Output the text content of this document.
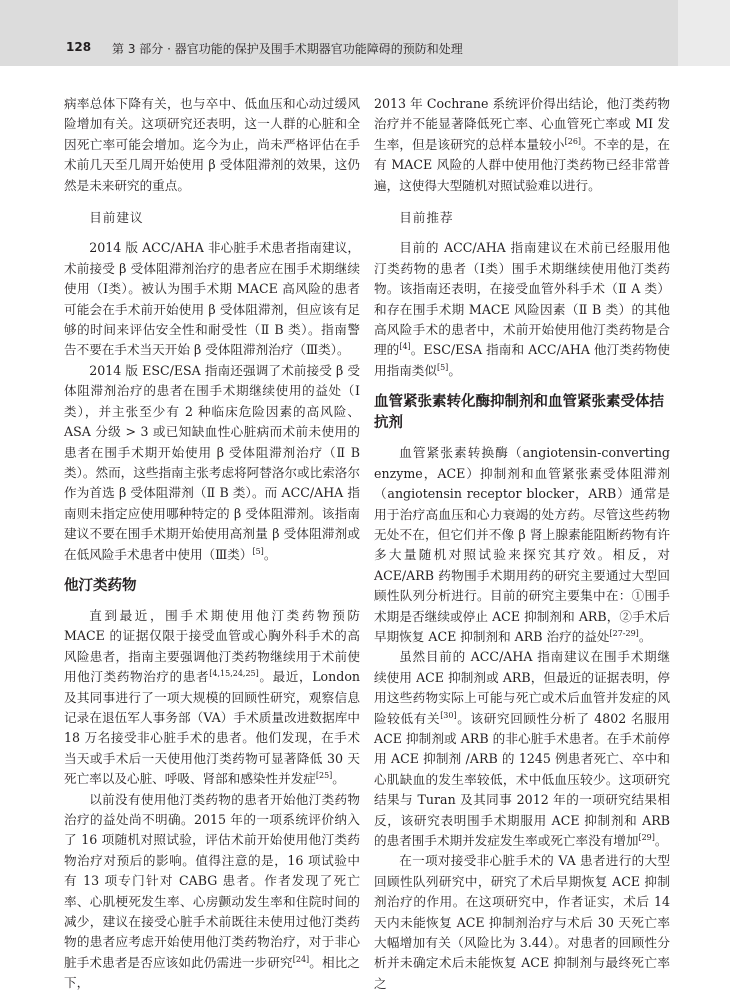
128 第 3 部分 · 器官功能的保护及围手术期器官功能障碍的预防和处理

病率总体下降有关，也与卒中、低血压和心动过缓风险增加有关。这项研究还表明，这一人群的心脏和全因死亡率可能会增加。迄今为止，尚未严格评估在手术前几天至几周开始使用 β 受体阻滞剂的效果，这仍然是未来研究的重点。

目前建议

2014 版 ACC/AHA 非心脏手术患者指南建议，术前接受 β 受体阻滞剂治疗的患者应在围手术期继续使用（Ⅰ类）。被认为围手术期 MACE 高风险的患者可能会在手术前开始使用 β 受体阻滞剂，但应该有足够的时间来评估安全性和耐受性（Ⅱ B 类）。指南警告不要在手术当天开始 β 受体阻滞剂治疗（Ⅲ类）。

2014 版 ESC/ESA 指南还强调了术前接受 β 受体阻滞剂治疗的患者在围手术期继续使用的益处（Ⅰ类），并主张至少有 2 种临床危险因素的高风险、ASA 分级 > 3 或已知缺血性心脏病而术前未使用的患者在围手术期开始使用 β 受体阻滞剂治疗（Ⅱ B 类）。然而，这些指南主张考虑将阿替洛尔或比索洛尔作为首选 β 受体阻滞剂（Ⅱ B 类）。而 ACC/AHA 指南则未指定应使用哪种特定的 β 受体阻滞剂。该指南建议不要在围手术期开始使用高剂量 β 受体阻滞剂或在低风险手术患者中使用（Ⅲ类）[5]。

他汀类药物

直到最近，围手术期使用他汀类药物预防 MACE 的证据仅限于接受血管或心胸外科手术的高风险患者，指南主要强调他汀类药物继续用于术前使用他汀类药物治疗的患者[4,15,24,25]。最近，London 及其同事进行了一项大规模的回顾性研究，观察信息记录在退伍军人事务部（VA）手术质量改进数据库中 18 万名接受非心脏手术的患者。他们发现，在手术当天或手术后一天使用他汀类药物可显著降低 30 天死亡率以及心脏、呼吸、肾部和感染性并发症[25]。

以前没有使用他汀类药物的患者开始他汀类药物治疗的益处尚不明确。2015 年的一项系统评价纳入了 16 项随机对照试验，评估术前开始使用他汀类药物治疗对预后的影响。值得注意的是，16 项试验中有 13 项专门针对 CABG 患者。作者发现了死亡率、心肌梗死发生率、心房颤动发生率和住院时间的减少，建议在接受心脏手术前既往未使用过他汀类药物的患者应考虑开始使用他汀类药物治疗，对于非心脏手术患者是否应该如此仍需进一步研究[24]。相比之下，

2013 年 Cochrane 系统评价得出结论，他汀类药物治疗并不能显著降低死亡率、心血管死亡率或 MI 发生率，但是该研究的总样本量较小[26]。不幸的是，在有 MACE 风险的人群中使用他汀类药物已经非常普遍，这使得大型随机对照试验难以进行。

目前推荐

目前的 ACC/AHA 指南建议在术前已经服用他汀类药物的患者（Ⅰ类）围手术期继续使用他汀类药物。该指南还表明，在接受血管外科手术（Ⅱ A 类）和存在围手术期 MACE 风险因素（Ⅱ B 类）的其他高风险手术的患者中，术前开始使用他汀类药物是合理的[4]。ESC/ESA 指南和 ACC/AHA 他汀类药物使用指南类似[5]。

血管紧张素转化酶抑制剂和血管紧张素受体拮抗剂

血管紧张素转换酶（angiotensin-converting enzyme，ACE）抑制剂和血管紧张素受体阻滞剂（angiotensin receptor blocker，ARB）通常是用于治疗高血压和心力衰竭的处方药。尽管这些药物无处不在，但它们并不像 β 肾上腺素能阻断药物有许多大量随机对照试验来探究其疗效。相反，对 ACE/ARB 药物围手术期用药的研究主要通过大型回顾性队列分析进行。目前的研究主要集中在：①围手术期是否继续或停止 ACE 抑制剂和 ARB，②手术后早期恢复 ACE 抑制剂和 ARB 治疗的益处[27-29]。

虽然目前的 ACC/AHA 指南建议在围手术期继续使用 ACE 抑制剂或 ARB，但最近的证据表明，停用这些药物实际上可能与死亡或术后血管并发症的风险较低有关[30]。该研究回顾性分析了 4802 名服用 ACE 抑制剂或 ARB 的非心脏手术患者。在手术前停用 ACE 抑制剂 /ARB 的 1245 例患者死亡、卒中和心肌缺血的发生率较低，术中低血压较少。这项研究结果与 Turan 及其同事 2012 年的一项研究结果相反，该研究表明围手术期服用 ACE 抑制剂和 ARB 的患者围手术期并发症发生率或死亡率没有增加[29]。

在一项对接受非心脏手术的 VA 患者进行的大型回顾性队列研究中，研究了术后早期恢复 ACE 抑制剂治疗的作用。在这项研究中，作者证实，术后 14 天内未能恢复 ACE 抑制剂治疗与术后 30 天死亡率大幅增加有关（风险比为 3.44）。对患者的回顾性分析并未确定术后未能恢复 ACE 抑制剂与最终死亡率之
